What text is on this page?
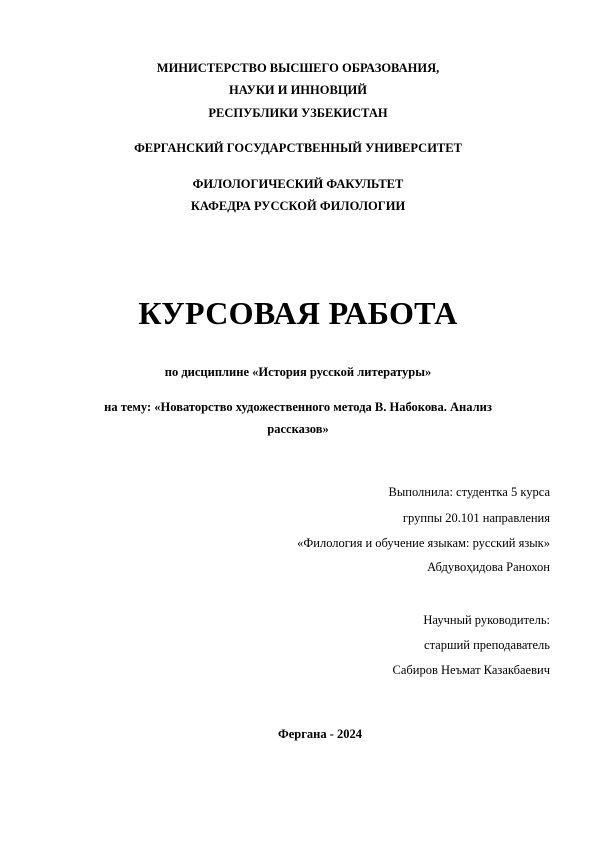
МИНИСТЕРСТВО ВЫСШЕГО ОБРАЗОВАНИЯ,
НАУКИ И ИННОВЦИЙ
РЕСПУБЛИКИ УЗБЕКИСТАН
ФЕРГАНСКИЙ ГОСУДАРСТВЕННЫЙ УНИВЕРСИТЕТ
ФИЛОЛОГИЧЕСКИЙ ФАКУЛЬТЕТ
КАФЕДРА РУССКОЙ ФИЛОЛОГИИ
КУРСОВАЯ РАБОТА
по дисциплине «История русской литературы»
на тему: «Новаторство художественного метода В. Набокова. Анализ
рассказов»
Выполнила: студентка 5 курса
группы 20.101 направления
«Филология и обучение языкам: русский язык»
Абдувоҳидова Ранохон
Научный руководитель:
старший преподаватель
Сабиров Неъмат Казакбаевич
Фергана - 2024
